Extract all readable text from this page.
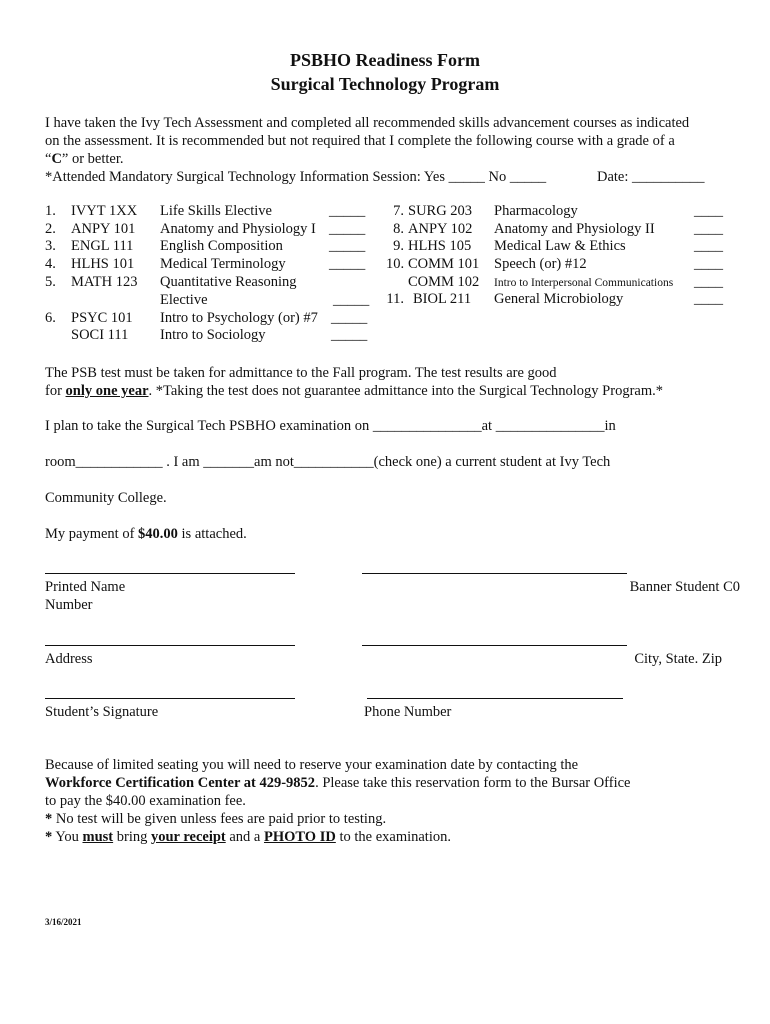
PSBHO Readiness Form
Surgical Technology Program
I have taken the Ivy Tech Assessment and completed all recommended skills advancement courses as indicated
on the assessment. It is recommended but not required that I complete the following course with a grade of a
“C” or better.
*Attended Mandatory Surgical Technology Information Session: Yes _____ No _____	Date: __________
1. IVYT 1XX Life Skills Elective	_____
2. ANPY 101 Anatomy and Physiology I _____
3. ENGL 111 English Composition	_____
4. HLHS 101 Medical Terminology	_____
5. MATH 123 Quantitative Reasoning
Elective	_____
6. PSYC 101 Intro to Psychology (or) #7 _____
SOCI 111 Intro to Sociology	_____
7. SURG 203 Pharmacology	____
8. ANPY 102 Anatomy and Physiology II	____
9. HLHS 105 Medical Law & Ethics	____
10. COMM 101 Speech (or) #12	____
COMM 102 Intro to Interpersonal Communications ____
11. BIOL 211 General Microbiology	____
The PSB test must be taken for admittance to the Fall program. The test results are good
for only one year. *Taking the test does not guarantee admittance into the Surgical Technology Program.*
I plan to take the Surgical Tech PSBHO examination on _______________at _______________in
room____________ . I am _______am not___________(check one) a current student at Ivy Tech
Community College.
My payment of $40.00 is attached.
Printed Name	Banner Student C0
Number
Address	City, State. Zip
Student’s Signature	Phone Number
Because of limited seating you will need to reserve your examination date by contacting the
Workforce Certification Center at 429-9852. Please take this reservation form to the Bursar Office
to pay the $40.00 examination fee.
* No test will be given unless fees are paid prior to testing.
* You must bring your receipt and a PHOTO ID to the examination.
3/16/2021
